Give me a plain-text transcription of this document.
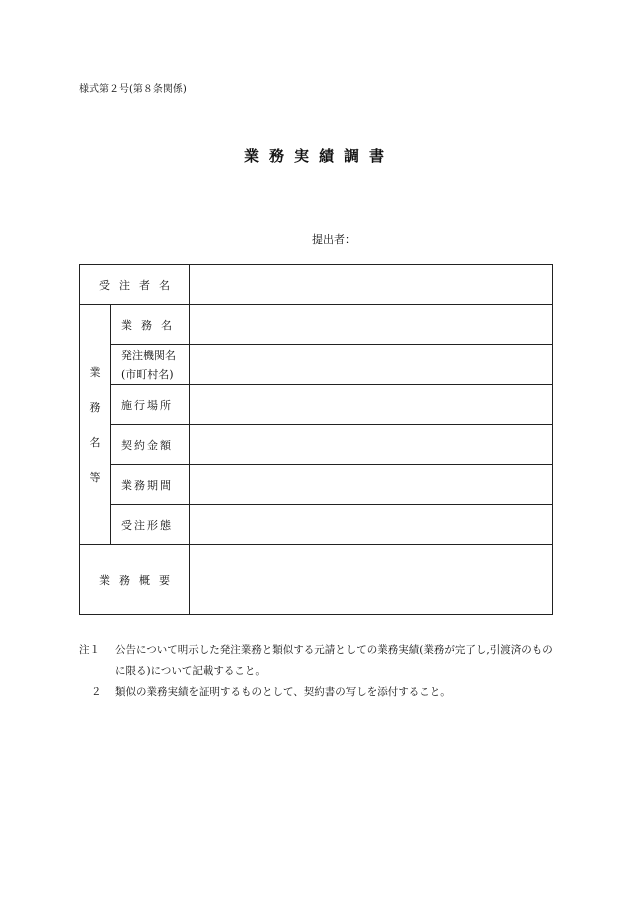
様式第２号(第８条関係)
業務実績調書
提出者：
受注者名		

業
務
名
等	業務名	

	発注機関名
(市町村名)	

	施行場所	
	契約金額	
	業務期間	
	受注形態	
業務概要		
注１ 公告について明示した発注業務と類似する元請としての業務実績(業務が完了し,引渡済のものに限る)について記載すること。
２ 類似の業務実績を証明するものとして、契約書の写しを添付すること。
